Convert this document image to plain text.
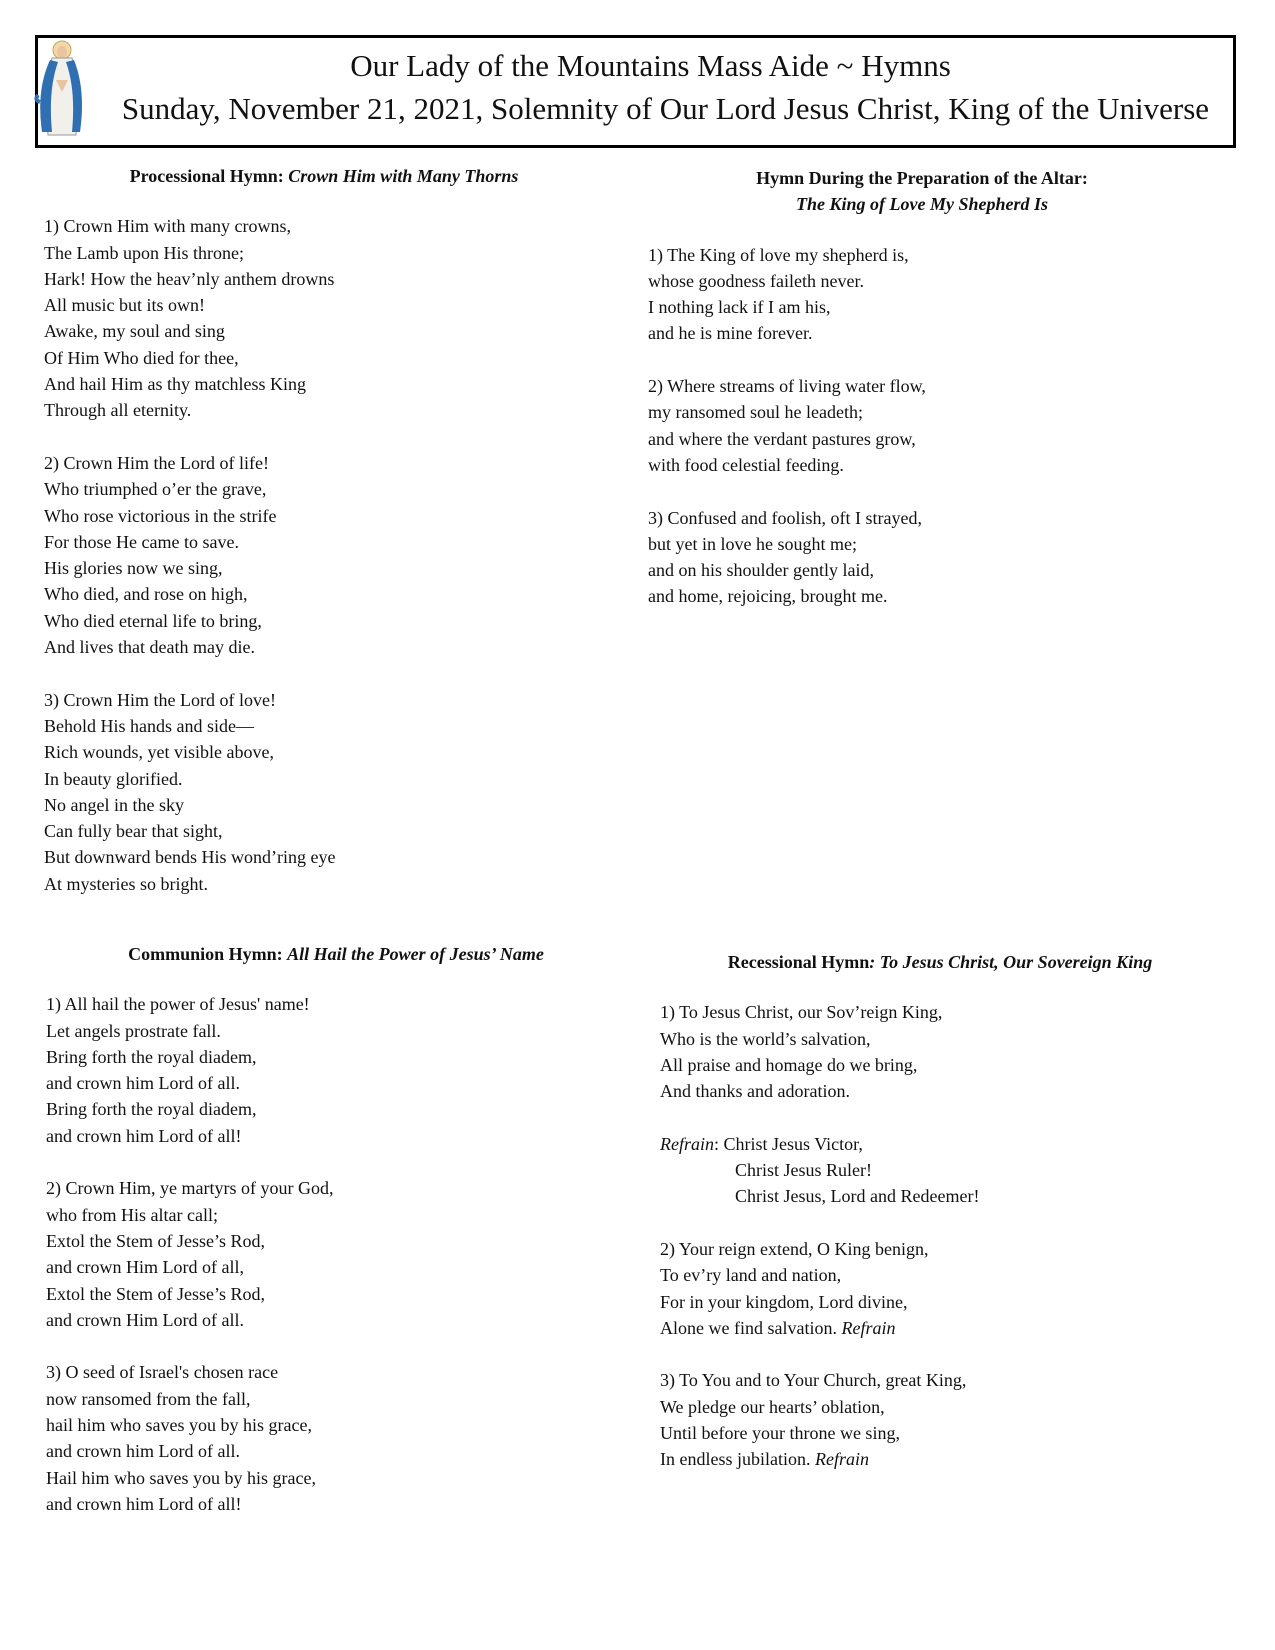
Our Lady of the Mountains Mass Aide ~ Hymns
Sunday, November 21, 2021, Solemnity of Our Lord Jesus Christ, King of the Universe

Processional Hymn: Crown Him with Many Thorns

1) Crown Him with many crowns,
The Lamb upon His throne;
Hark! How the heav’nly anthem drowns
All music but its own!
Awake, my soul and sing
Of Him Who died for thee,
And hail Him as thy matchless King
Through all eternity.
2) Crown Him the Lord of life!
Who triumphed o’er the grave,
Who rose victorious in the strife
For those He came to save.
His glories now we sing,
Who died, and rose on high,
Who died eternal life to bring,
And lives that death may die.
3) Crown Him the Lord of love!
Behold His hands and side—
Rich wounds, yet visible above,
In beauty glorified.
No angel in the sky
Can fully bear that sight,
But downward bends His wond’ring eye
At mysteries so bright.

Hymn During the Preparation of the Altar:
The King of Love My Shepherd Is

1) The King of love my shepherd is,
whose goodness faileth never.
I nothing lack if I am his,
and he is mine forever.
2) Where streams of living water flow,
my ransomed soul he leadeth;
and where the verdant pastures grow,
with food celestial feeding.
3) Confused and foolish, oft I strayed,
but yet in love he sought me;
and on his shoulder gently laid,
and home, rejoicing, brought me.

Communion Hymn: All Hail the Power of Jesus’ Name

1) All hail the power of Jesus' name!
Let angels prostrate fall.
Bring forth the royal diadem,
and crown him Lord of all.
Bring forth the royal diadem,
and crown him Lord of all!
2) Crown Him, ye martyrs of your God,
who from His altar call;
Extol the Stem of Jesse’s Rod,
and crown Him Lord of all,
Extol the Stem of Jesse’s Rod,
and crown Him Lord of all.
3) O seed of Israel's chosen race
now ransomed from the fall,
hail him who saves you by his grace,
and crown him Lord of all.
Hail him who saves you by his grace,
and crown him Lord of all!

Recessional Hymn: To Jesus Christ, Our Sovereign King

1) To Jesus Christ, our Sov’reign King,
Who is the world’s salvation,
All praise and homage do we bring,
And thanks and adoration.
Refrain : Christ Jesus Victor,
Christ Jesus Ruler!
Christ Jesus, Lord and Redeemer!
2) Your reign extend, O King benign,
To ev’ry land and nation,
For in your kingdom, Lord divine,
Alone we find salvation. Refrain
3) To You and to Your Church, great King,
We pledge our hearts’ oblation,
Until before your throne we sing,
In endless jubilation. Refrain
